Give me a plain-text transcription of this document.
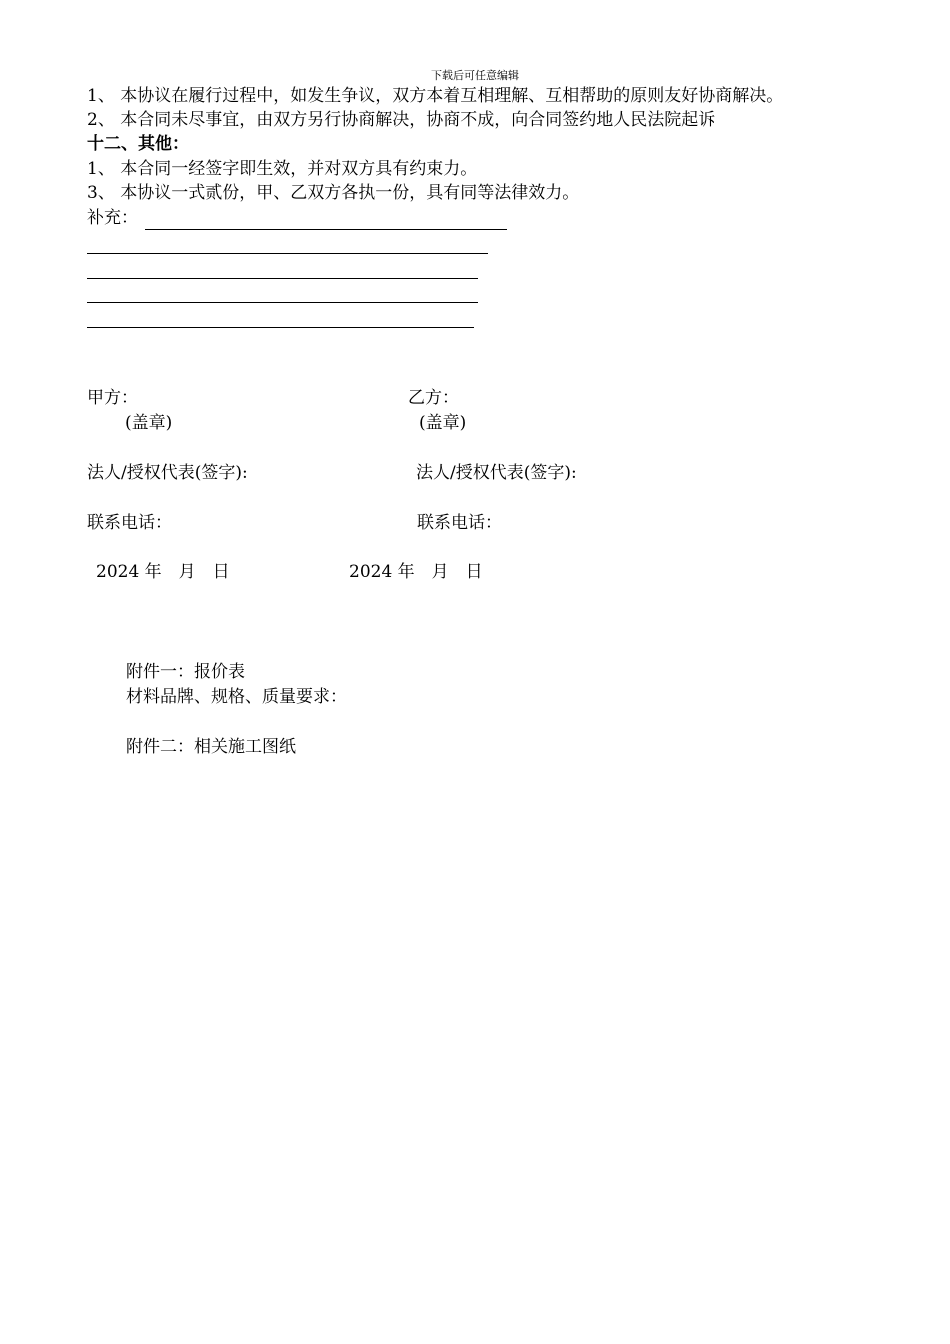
下载后可任意编辑
1、 本协议在履行过程中，如发生争议，双方本着互相理解、互相帮助的原则友好协商解决。
2、 本合同未尽事宜，由双方另行协商解决，协商不成，向合同签约地人民法院起诉
十二、其他：
1、 本合同一经签字即生效，并对双方具有约束力。
3、 本协议一式贰份，甲、乙双方各执一份，具有同等法律效力。
补充：
甲方：
(盖章)
法人/授权代表(签字):
联系电话：
2024 年　月　日
乙方：
(盖章)
法人/授权代表(签字):
联系电话：
2024 年　月　日
附件一：报价表
材料品牌、规格、质量要求：
附件二：相关施工图纸
